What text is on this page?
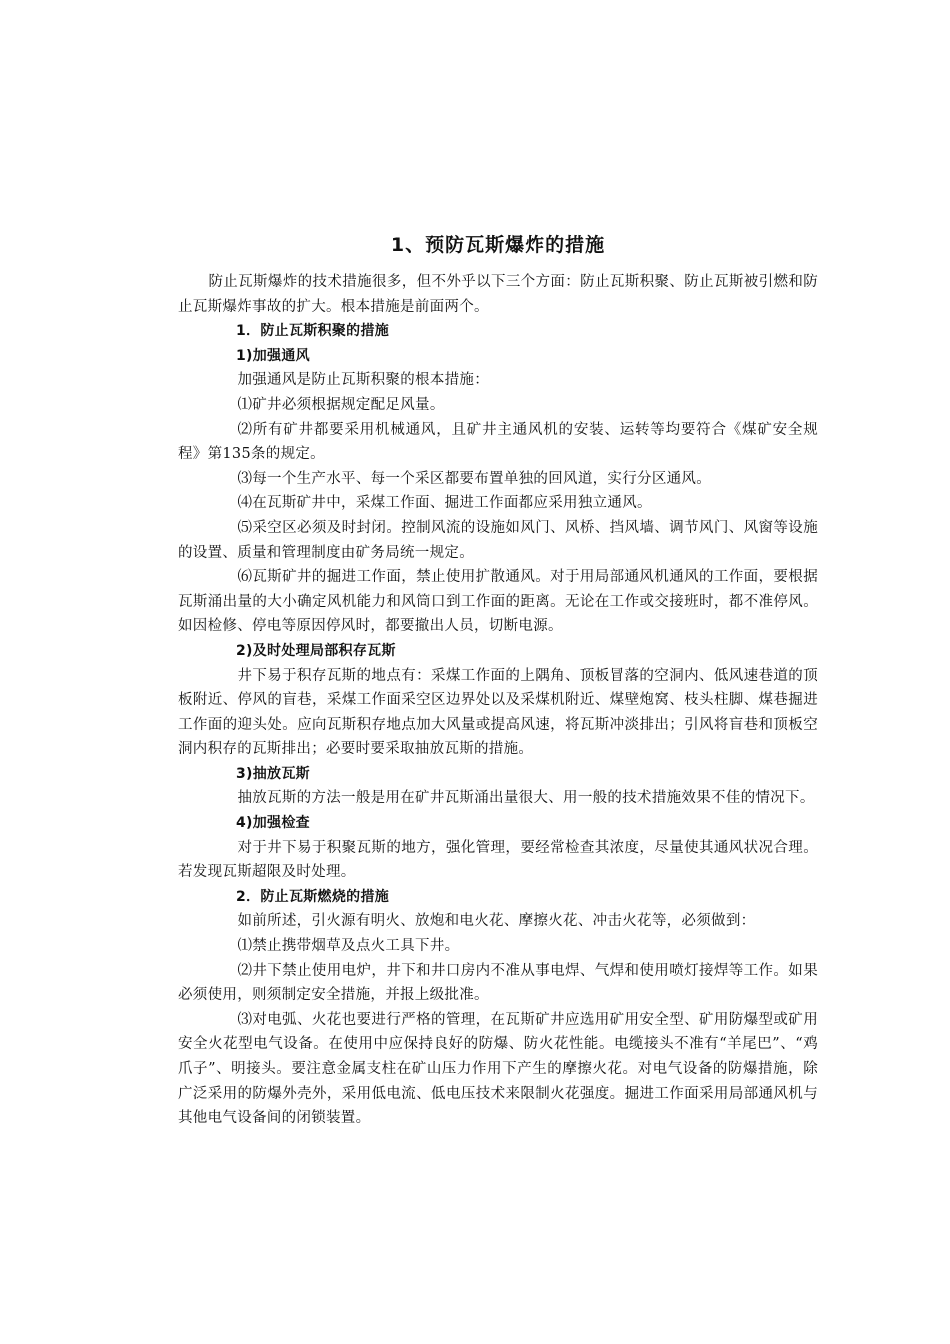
1、预防瓦斯爆炸的措施

防止瓦斯爆炸的技术措施很多，但不外乎以下三个方面：防止瓦斯积聚、防止瓦斯被引燃和防止瓦斯爆炸事故的扩大。根本措施是前面两个。

1．防止瓦斯积聚的措施

1)加强通风

加强通风是防止瓦斯积聚的根本措施：

⑴矿井必须根据规定配足风量。

⑵所有矿井都要采用机械通风，且矿井主通风机的安装、运转等均要符合《煤矿安全规程》第135条的规定。

⑶每一个生产水平、每一个采区都要布置单独的回风道，实行分区通风。

⑷在瓦斯矿井中，采煤工作面、掘进工作面都应采用独立通风。

⑸采空区必须及时封闭。控制风流的设施如风门、风桥、挡风墙、调节风门、风窗等设施的设置、质量和管理制度由矿务局统一规定。

⑹瓦斯矿井的掘进工作面，禁止使用扩散通风。对于用局部通风机通风的工作面，要根据瓦斯涌出量的大小确定风机能力和风筒口到工作面的距离。无论在工作或交接班时，都不准停风。如因检修、停电等原因停风时，都要撤出人员，切断电源。

2)及时处理局部积存瓦斯

井下易于积存瓦斯的地点有：采煤工作面的上隅角、顶板冒落的空洞内、低风速巷道的顶板附近、停风的盲巷，采煤工作面采空区边界处以及采煤机附近、煤壁炮窝、枝头柱脚、煤巷掘进工作面的迎头处。应向瓦斯积存地点加大风量或提高风速，将瓦斯冲淡排出；引风将盲巷和顶板空洞内积存的瓦斯排出；必要时要采取抽放瓦斯的措施。

3)抽放瓦斯

抽放瓦斯的方法一般是用在矿井瓦斯涌出量很大、用一般的技术措施效果不佳的情况下。

4)加强检查

对于井下易于积聚瓦斯的地方，强化管理，要经常检查其浓度，尽量使其通风状况合理。若发现瓦斯超限及时处理。

2．防止瓦斯燃烧的措施

如前所述，引火源有明火、放炮和电火花、摩擦火花、冲击火花等，必须做到：

⑴禁止携带烟草及点火工具下井。

⑵井下禁止使用电炉，井下和井口房内不准从事电焊、气焊和使用喷灯接焊等工作。如果必须使用，则须制定安全措施，并报上级批准。

⑶对电弧、火花也要进行严格的管理，在瓦斯矿井应选用矿用安全型、矿用防爆型或矿用安全火花型电气设备。在使用中应保持良好的防爆、防火花性能。电缆接头不准有“羊尾巴”、“鸡爪子”、明接头。要注意金属支柱在矿山压力作用下产生的摩擦火花。对电气设备的防爆措施，除广泛采用的防爆外壳外，采用低电流、低电压技术来限制火花强度。掘进工作面采用局部通风机与其他电气设备间的闭锁装置。
